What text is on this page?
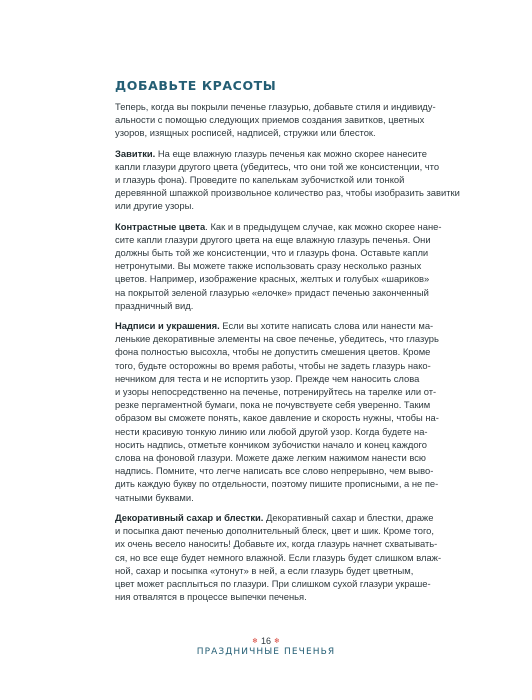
ДОБАВЬТЕ КРАСОТЫ

Теперь, когда вы покрыли печенье глазурью, добавьте стиля и индивиду-
альности с помощью следующих приемов создания завитков, цветных
узоров, изящных росписей, надписей, стружки или блесток.

Завитки. На еще влажную глазурь печенья как можно скорее нанесите
капли глазури другого цвета (убедитесь, что они той же консистенции, что
и глазурь фона). Проведите по капелькам зубочисткой или тонкой
деревянной шпажкой произвольное количество раз, чтобы изобразить завитки
или другие узоры.

Контрастные цвета. Как и в предыдущем случае, как можно скорее нане-
сите капли глазури другого цвета на еще влажную глазурь печенья. Они
должны быть той же консистенции, что и глазурь фона. Оставьте капли
нетронутыми. Вы можете также использовать сразу несколько разных
цветов. Например, изображение красных, желтых и голубых «шариков»
на покрытой зеленой глазурью «елочке» придаст печенью законченный
праздничный вид.

Надписи и украшения. Если вы хотите написать слова или нанести ма-
ленькие декоративные элементы на свое печенье, убедитесь, что глазурь
фона полностью высохла, чтобы не допустить смешения цветов. Кроме
того, будьте осторожны во время работы, чтобы не задеть глазурь нако-
нечником для теста и не испортить узор. Прежде чем наносить слова
и узоры непосредственно на печенье, потренируйтесь на тарелке или от-
резке пергаментной бумаги, пока не почувствуете себя уверенно. Таким
образом вы сможете понять, какое давление и скорость нужны, чтобы на-
нести красивую тонкую линию или любой другой узор. Когда будете на-
носить надпись, отметьте кончиком зубочистки начало и конец каждого
слова на фоновой глазури. Можете даже легким нажимом нанести всю
надпись. Помните, что легче написать все слово непрерывно, чем выво-
дить каждую букву по отдельности, поэтому пишите прописными, а не пе-
чатными буквами.

Декоративный сахар и блестки. Декоративный сахар и блестки, драже
и посыпка дают печенью дополнительный блеск, цвет и шик. Кроме того,
их очень весело наносить! Добавьте их, когда глазурь начнет схватывать-
ся, но все еще будет немного влажной. Если глазурь будет слишком влаж-
ной, сахар и посыпка «утонут» в ней, а если глазурь будет цветным,
цвет может расплыться по глазури. При слишком сухой глазури украше-
ния отвалятся в процессе выпечки печенья.

❄ 16 ❄
ПРАЗДНИЧНЫЕ ПЕЧЕНЬЯ
